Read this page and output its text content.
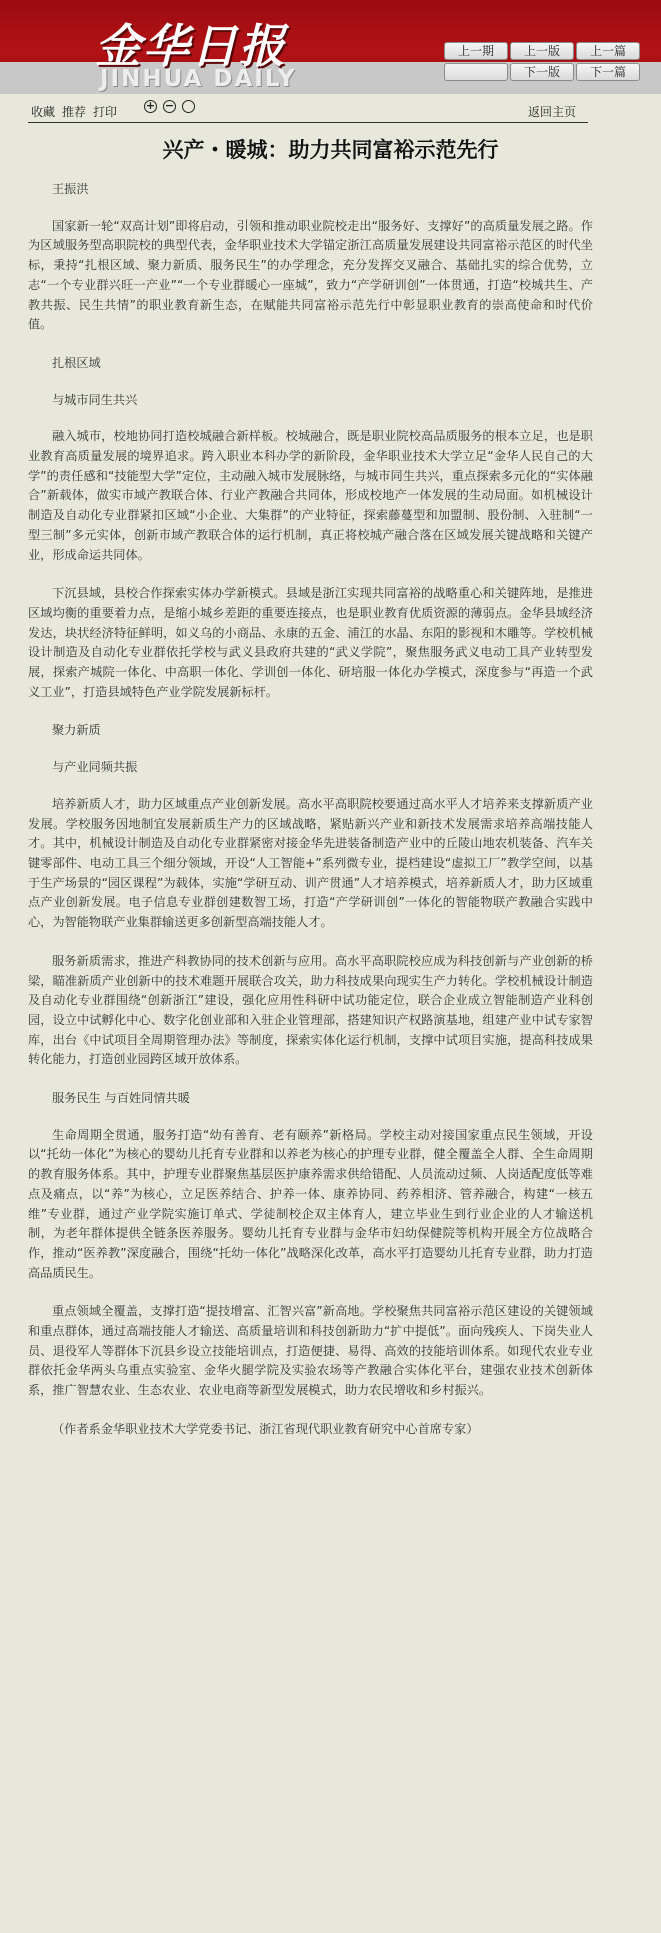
金华日报
JINHUA DAILY
上一期	上一版	上一篇
下一版	下一篇
收藏 推荐 打印	+ −	返回主页
兴产・暖城：助力共同富裕示范先行

王振洪

国家新一轮“双高计划”即将启动，引领和推动职业院校走出“服务好、支撑好”的高质量发展之路。作为区域服务型高职院校的典型代表，金华职业技术大学锚定浙江高质量发展建设共同富裕示范区的时代坐标，秉持“扎根区域、聚力新质、服务民生”的办学理念，充分发挥交叉融合、基础扎实的综合优势，立志“一个专业群兴旺一产业”“一个专业群暖心一座城”，致力“产学研训创”一体贯通，打造“校城共生、产教共振、民生共情”的职业教育新生态，在赋能共同富裕示范先行中彰显职业教育的崇高使命和时代价值。

扎根区域

与城市同生共兴

融入城市，校地协同打造校城融合新样板。校城融合，既是职业院校高品质服务的根本立足，也是职业教育高质量发展的境界追求。跨入职业本科办学的新阶段，金华职业技术大学立足“金华人民自己的大学”的责任感和“技能型大学”定位，主动融入城市发展脉络，与城市同生共兴，重点探索多元化的“实体融合”新载体，做实市域产教联合体、行业产教融合共同体，形成校地产一体发展的生动局面。如机械设计制造及自动化专业群紧扣区域“小企业、大集群”的产业特征，探索藤蔓型和加盟制、股份制、入驻制“一型三制”多元实体，创新市域产教联合体的运行机制，真正将校城产融合落在区域发展关键战略和关键产业，形成命运共同体。

下沉县域，县校合作探索实体办学新模式。县域是浙江实现共同富裕的战略重心和关键阵地，是推进区域均衡的重要着力点，是缩小城乡差距的重要连接点，也是职业教育优质资源的薄弱点。金华县域经济发达，块状经济特征鲜明，如义乌的小商品、永康的五金、浦江的水晶、东阳的影视和木雕等。学校机械设计制造及自动化专业群依托学校与武义县政府共建的“武义学院”，聚焦服务武义电动工具产业转型发展，探索产城院一体化、中高职一体化、学训创一体化、研培服一体化办学模式，深度参与“再造一个武义工业”，打造县域特色产业学院发展新标杆。

聚力新质

与产业同频共振

培养新质人才，助力区域重点产业创新发展。高水平高职院校要通过高水平人才培养来支撑新质产业发展。学校服务因地制宜发展新质生产力的区域战略，紧贴新兴产业和新技术发展需求培养高端技能人才。其中，机械设计制造及自动化专业群紧密对接金华先进装备制造产业中的丘陵山地农机装备、汽车关键零部件、电动工具三个细分领域，开设“人工智能+”系列微专业，提档建设“虚拟工厂”教学空间，以基于生产场景的“园区课程”为载体，实施“学研互动、训产贯通”人才培养模式，培养新质人才，助力区域重点产业创新发展。电子信息专业群创建数智工场，打造“产学研训创”一体化的智能物联产教融合实践中心，为智能物联产业集群输送更多创新型高端技能人才。

服务新质需求，推进产科教协同的技术创新与应用。高水平高职院校应成为科技创新与产业创新的桥梁，瞄准新质产业创新中的技术难题开展联合攻关，助力科技成果向现实生产力转化。学校机械设计制造及自动化专业群围绕“创新浙江”建设，强化应用性科研中试功能定位，联合企业成立智能制造产业科创园，设立中试孵化中心、数字化创业部和入驻企业管理部，搭建知识产权路演基地，组建产业中试专家智库，出台《中试项目全周期管理办法》等制度，探索实体化运行机制，支撑中试项目实施，提高科技成果转化能力，打造创业园跨区域开放体系。

服务民生 与百姓同情共暖

生命周期全贯通，服务打造“幼有善育、老有颐养”新格局。学校主动对接国家重点民生领域，开设以“托幼一体化”为核心的婴幼儿托育专业群和以养老为核心的护理专业群，健全覆盖全人群、全生命周期的教育服务体系。其中，护理专业群聚焦基层医护康养需求供给错配、人员流动过频、人岗适配度低等难点及痛点，以“养”为核心，立足医养结合、护养一体、康养协同、药养相济、管养融合，构建“一核五维”专业群，通过产业学院实施订单式、学徒制校企双主体育人，建立毕业生到行业企业的人才输送机制，为老年群体提供全链条医养服务。婴幼儿托育专业群与金华市妇幼保健院等机构开展全方位战略合作，推动“医养教”深度融合，围绕“托幼一体化”战略深化改革，高水平打造婴幼儿托育专业群，助力打造高品质民生。

重点领域全覆盖，支撑打造“提技增富、汇智兴富”新高地。学校聚焦共同富裕示范区建设的关键领域和重点群体，通过高端技能人才输送、高质量培训和科技创新助力“扩中提低”。面向残疾人、下岗失业人员、退役军人等群体下沉县乡设立技能培训点，打造便捷、易得、高效的技能培训体系。如现代农业专业群依托金华两头乌重点实验室、金华火腿学院及实验农场等产教融合实体化平台，建强农业技术创新体系，推广智慧农业、生态农业、农业电商等新型发展模式，助力农民增收和乡村振兴。

（作者系金华职业技术大学党委书记、浙江省现代职业教育研究中心首席专家）
